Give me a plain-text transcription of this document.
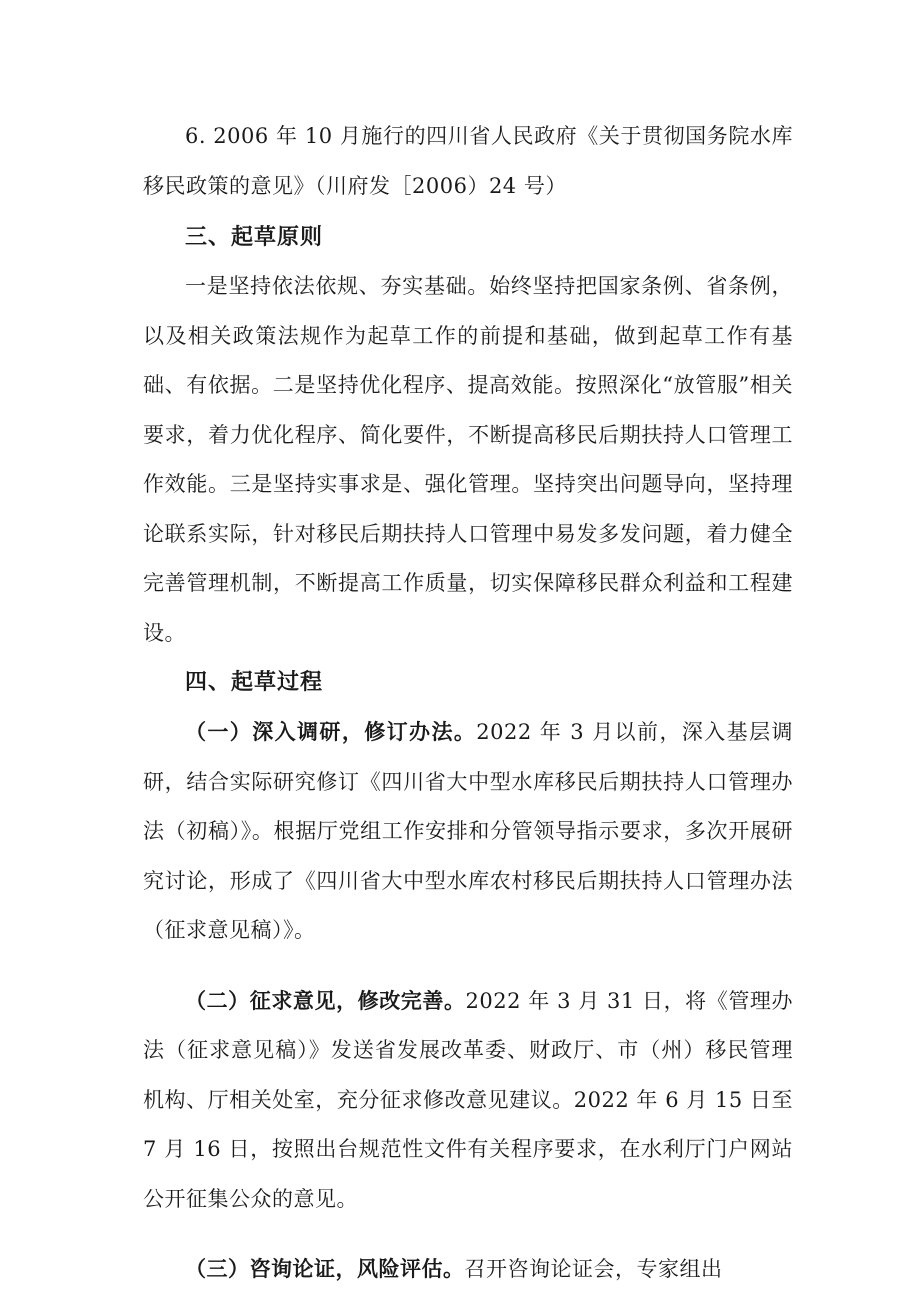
6. 2006 年 10 月施行的四川省人民政府《关于贯彻国务院水库移民政策的意见》（川府发［2006）24 号）

三、起草原则

一是坚持依法依规、夯实基础。始终坚持把国家条例、省条例，以及相关政策法规作为起草工作的前提和基础，做到起草工作有基础、有依据。二是坚持优化程序、提高效能。按照深化“放管服”相关要求，着力优化程序、简化要件，不断提高移民后期扶持人口管理工作效能。三是坚持实事求是、强化管理。坚持突出问题导向，坚持理论联系实际，针对移民后期扶持人口管理中易发多发问题，着力健全完善管理机制，不断提高工作质量，切实保障移民群众利益和工程建设。

四、起草过程

（一）深入调研，修订办法。2022 年 3 月以前，深入基层调研，结合实际研究修订《四川省大中型水库移民后期扶持人口管理办法（初稿）》。根据厅党组工作安排和分管领导指示要求，多次开展研究讨论，形成了《四川省大中型水库农村移民后期扶持人口管理办法（征求意见稿）》。

（二）征求意见，修改完善。2022 年 3 月 31 日，将《管理办法（征求意见稿）》发送省发展改革委、财政厅、市（州）移民管理机构、厅相关处室，充分征求修改意见建议。2022 年 6 月 15 日至 7 月 16 日，按照出台规范性文件有关程序要求，在水利厅门户网站公开征集公众的意见。

（三）咨询论证，风险评估。召开咨询论证会，专家组出
